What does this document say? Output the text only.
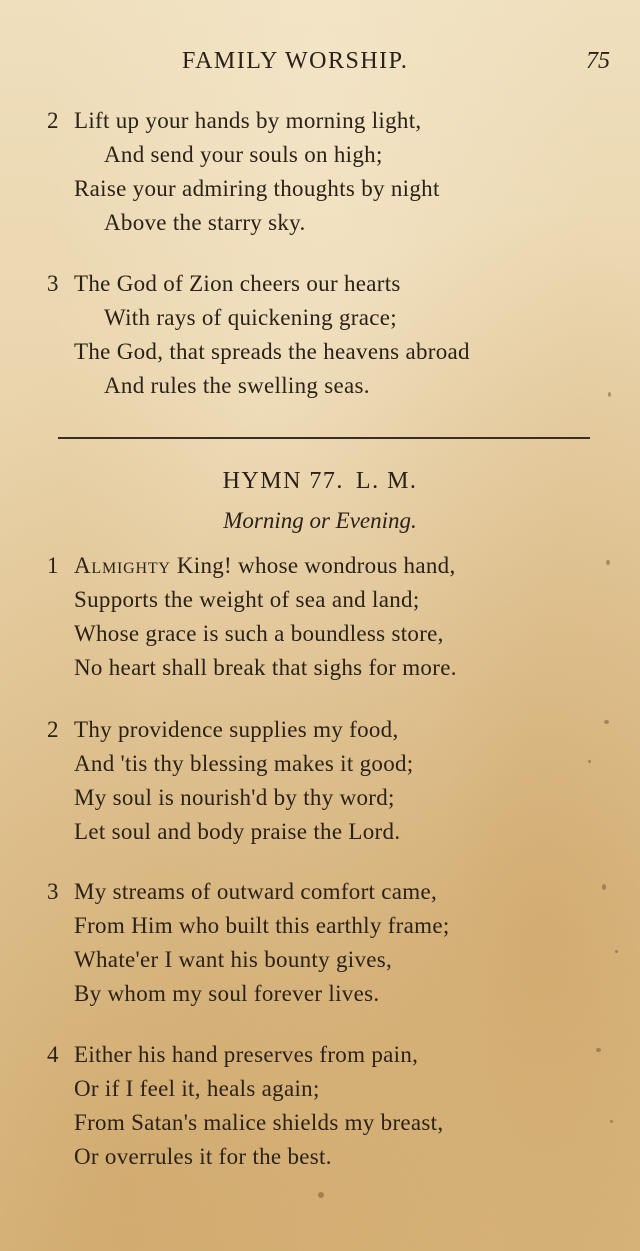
FAMILY WORSHIP.	75
2 Lift up your hands by morning light,
And send your souls on high;
Raise your admiring thoughts by night
Above the starry sky.
3 The God of Zion cheers our hearts
With rays of quickening grace;
The God, that spreads the heavens abroad
And rules the swelling seas.
HYMN 77. L. M.
Morning or Evening.
1 Almighty King! whose wondrous hand,
Supports the weight of sea and land;
Whose grace is such a boundless store,
No heart shall break that sighs for more.
2 Thy providence supplies my food,
And 'tis thy blessing makes it good;
My soul is nourish'd by thy word;
Let soul and body praise the Lord.
3 My streams of outward comfort came,
From Him who built this earthly frame;
Whate'er I want his bounty gives,
By whom my soul forever lives.
4 Either his hand preserves from pain,
Or if I feel it, heals again;
From Satan's malice shields my breast,
Or overrules it for the best.
